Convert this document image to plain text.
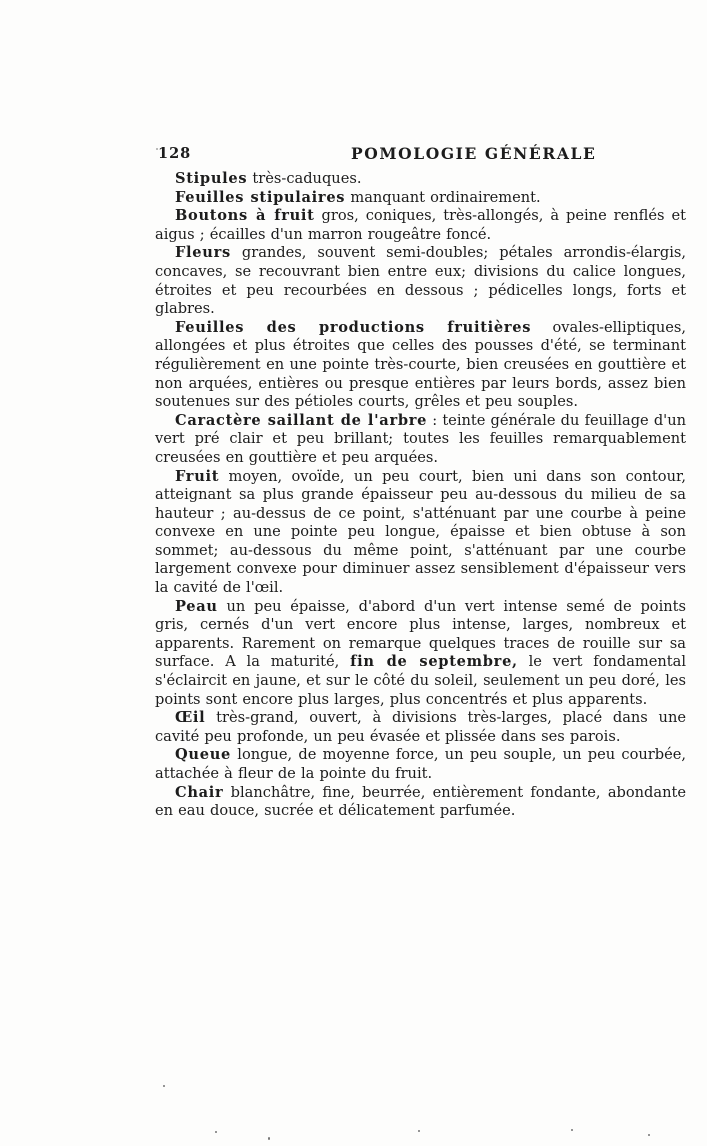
128	POMOLOGIE GÉNÉRALE

Stipules très-caduques.

Feuilles stipulaires manquant ordinairement.

Boutons à fruit gros, coniques, très-allongés, à peine renflés et aigus ; écailles d'un marron rougeâtre foncé.

Fleurs grandes, souvent semi-doubles; pétales arrondis-élargis, concaves, se recouvrant bien entre eux; divisions du calice longues, étroites et peu recourbées en dessous ; pédicelles longs, forts et glabres.

Feuilles des productions fruitières ovales-elliptiques, allongées et plus étroites que celles des pousses d'été, se terminant régulièrement en une pointe très-courte, bien creusées en gouttière et non arquées, entières ou presque entières par leurs bords, assez bien soutenues sur des pétioles courts, grêles et peu souples.

Caractère saillant de l'arbre : teinte générale du feuillage d'un vert pré clair et peu brillant; toutes les feuilles remarquablement creusées en gouttière et peu arquées.

Fruit moyen, ovoïde, un peu court, bien uni dans son contour, atteignant sa plus grande épaisseur peu au-dessous du milieu de sa hauteur ; au-dessus de ce point, s'atténuant par une courbe à peine convexe en une pointe peu longue, épaisse et bien obtuse à son sommet; au-dessous du même point, s'atténuant par une courbe largement convexe pour diminuer assez sensiblement d'épaisseur vers la cavité de l'œil.

Peau un peu épaisse, d'abord d'un vert intense semé de points gris, cernés d'un vert encore plus intense, larges, nombreux et apparents. Rarement on remarque quelques traces de rouille sur sa surface. A la maturité, fin de septembre, le vert fondamental s'éclaircit en jaune, et sur le côté du soleil, seulement un peu doré, les points sont encore plus larges, plus concentrés et plus apparents.

Œil très-grand, ouvert, à divisions très-larges, placé dans une cavité peu profonde, un peu évasée et plissée dans ses parois.

Queue longue, de moyenne force, un peu souple, un peu courbée, attachée à fleur de la pointe du fruit.

Chair blanchâtre, fine, beurrée, entièrement fondante, abondante en eau douce, sucrée et délicatement parfumée.
